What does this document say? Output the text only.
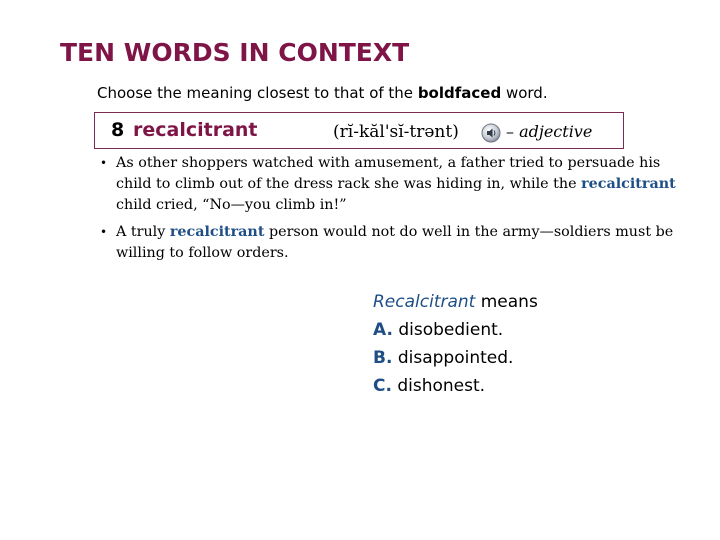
TEN WORDS IN CONTEXT
Choose the meaning closest to that of the boldfaced word.
8 recalcitrant	(rĭ-kăl'sĭ-trənt)	– adjective
• As other shoppers watched with amusement, a father tried to persuade his child to climb out of the dress rack she was hiding in, while the recalcitrant child cried, “No—you climb in!”
• A truly recalcitrant person would not do well in the army—soldiers must be willing to follow orders.
Recalcitrant means
A. disobedient.
B. disappointed.
C. dishonest.
